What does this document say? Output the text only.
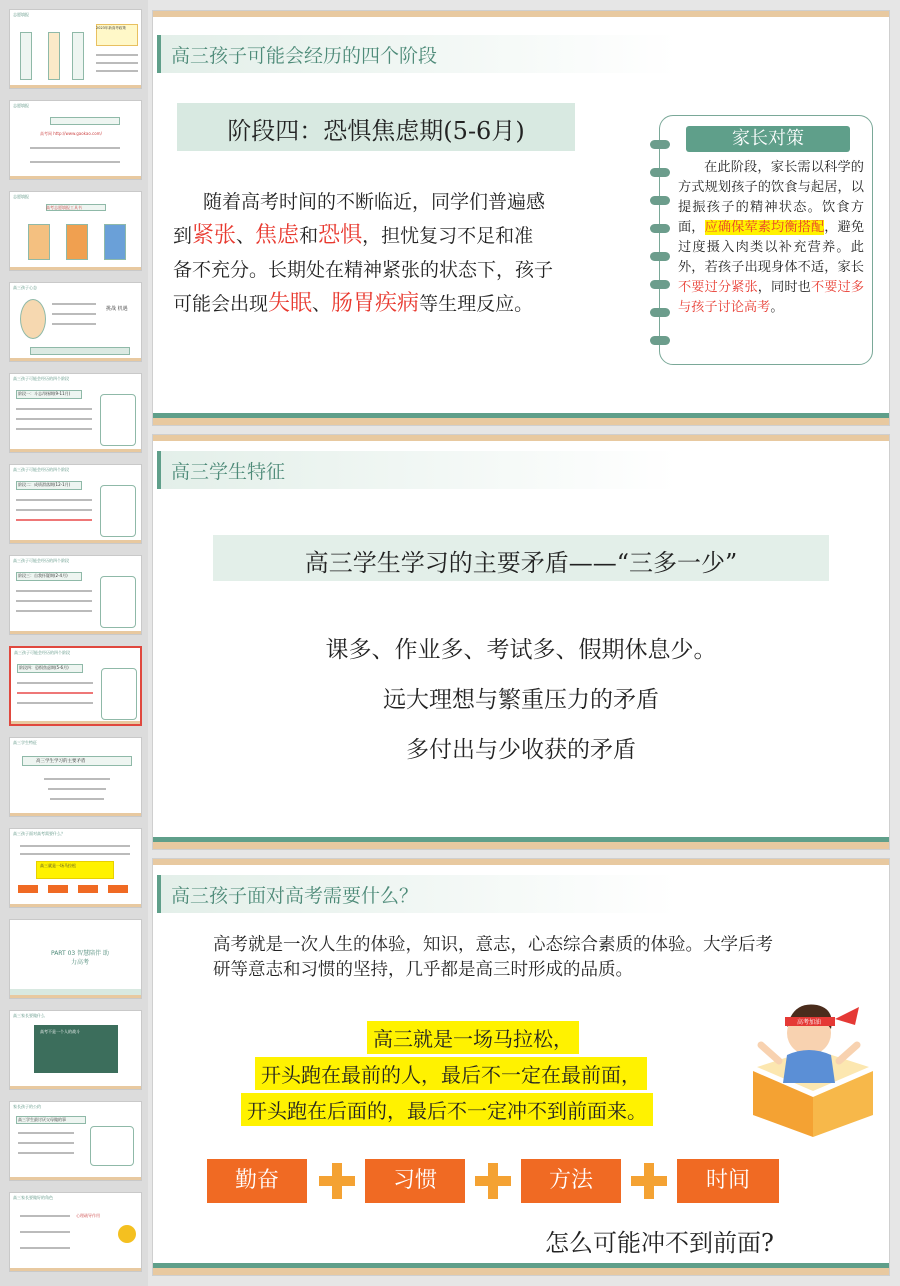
志愿填报
2023年新高考政策
志愿填报
高考网 http://www.gaokao.com/
志愿填报
高考志愿填报工具书
高三孩子心态
挑战 机遇
高三孩子可能会经历的四个阶段
阶段一：斗志昂扬期(9-11月)
高三孩子可能会经历的四个阶段
阶段二：成绩滑落期(12-1月)
高三孩子可能会经历的四个阶段
阶段三：自我怀疑期(2-4月)
高三孩子可能会经历的四个阶段
阶段四：恐惧焦虑期(5-6月)
高三学生特征
高三学生学习的主要矛盾
高三孩子面对高考需要什么？
高三就是一场马拉松
PART 03 智慧陪伴 助力高考
高三家长要做什么
高考不是一个人的战斗
家长孩子的公约
高三学生最讨厌父母做的事
高三家长要做好的角色
心理疏导作用
高三孩子可能会经历的四个阶段
阶段四：恐惧焦虑期(5-6月)
随着高考时间的不断临近，同学们普遍感
到紧张、焦虑和恐惧，担忧复习不足和准
备不充分。长期处在精神紧张的状态下，孩子
可能会出现失眠、肠胃疾病等生理反应。
家长对策
在此阶段，家长需以科学的方式规划孩子的饮食与起居，以提振孩子的精神状态。饮食方面，应确保荤素均衡搭配，避免过度摄入肉类以补充营养。此外，若孩子出现身体不适，家长不要过分紧张，同时也不要过多与孩子讨论高考。
高三学生特征
高三学生学习的主要矛盾——“三多一少”
课多、作业多、考试多、假期休息少。
远大理想与繁重压力的矛盾
多付出与少收获的矛盾
高三孩子面对高考需要什么？
高考就是一次人生的体验，知识，意志，心态综合素质的体验。大学后考研等意志和习惯的坚持，几乎都是高三时形成的品质。
高三就是一场马拉松，
开头跑在最前的人，最后不一定在最前面，
开头跑在后面的，最后不一定冲不到前面来。
高考加油
勤奋	习惯	方法	时间
怎么可能冲不到前面?
